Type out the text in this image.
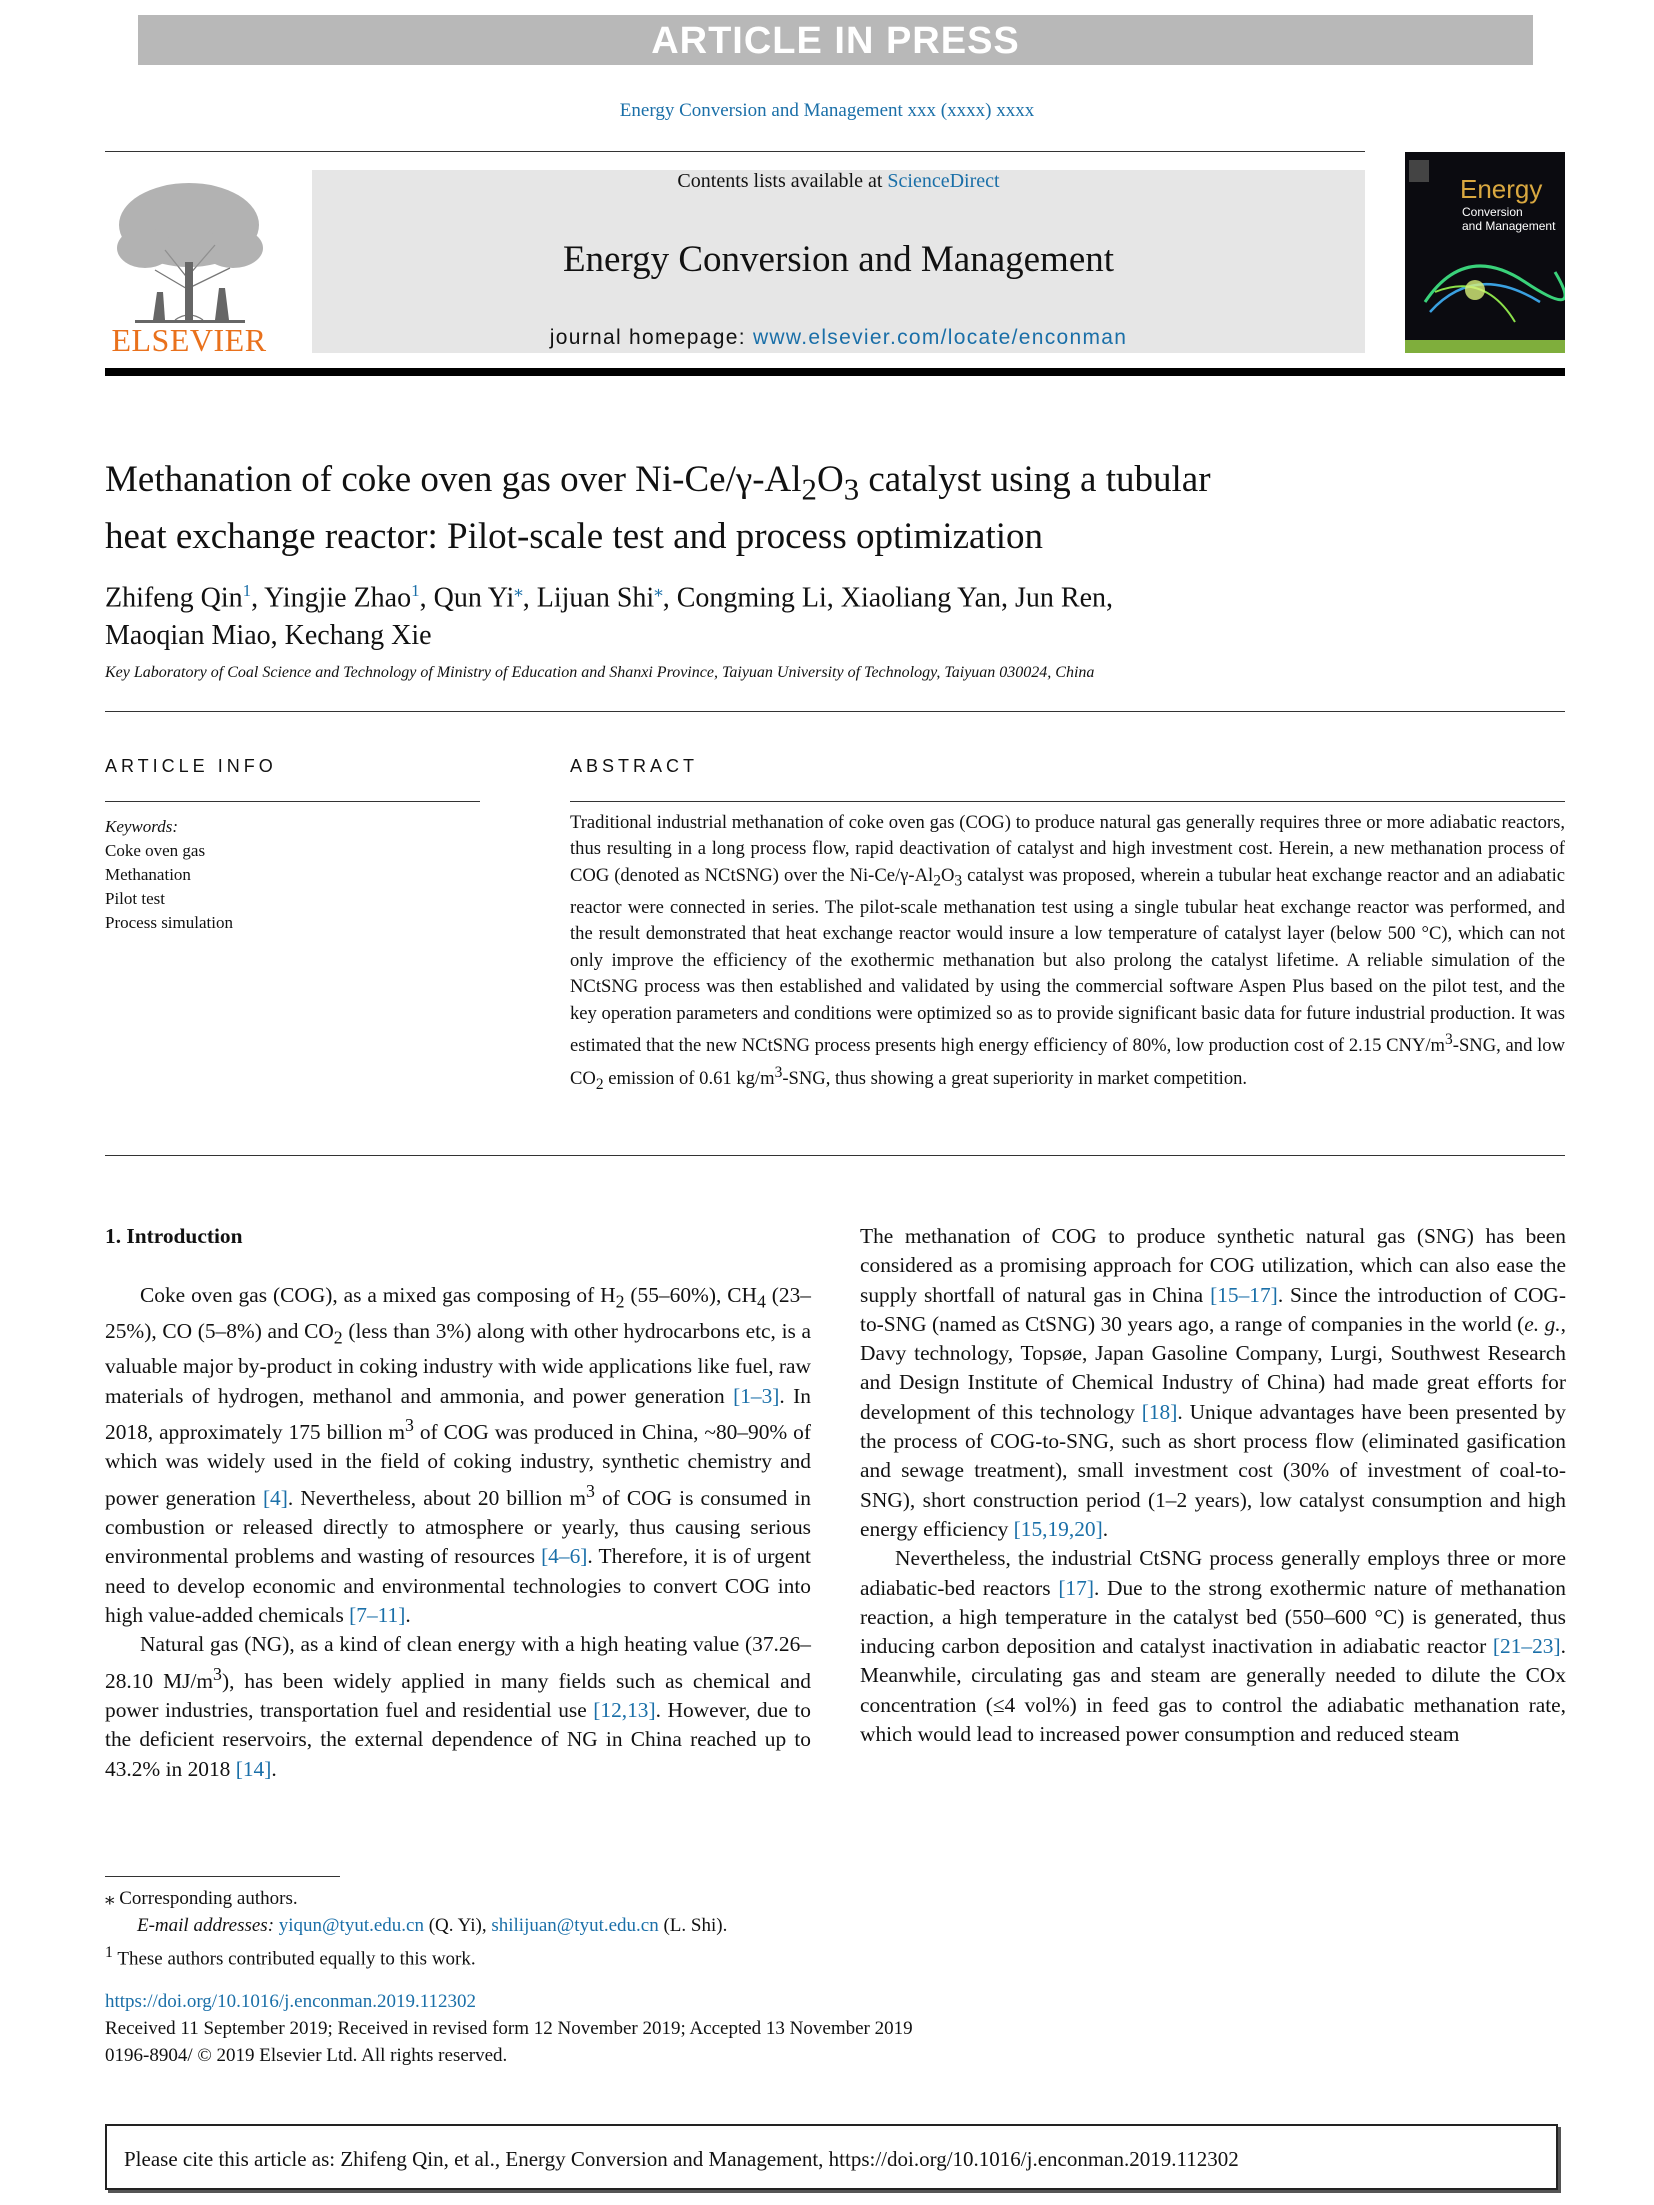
ARTICLE IN PRESS
Energy Conversion and Management xxx (xxxx) xxxx
ELSEVIER
Contents lists available at ScienceDirect
Energy Conversion and Management
journal homepage: www.elsevier.com/locate/enconman
Energy
Conversion
and Management
Methanation of coke oven gas over $Ni-Ce/\gamma-Al_2O_3$ catalyst using a tubular
heat exchange reactor: Pilot-scale test and process optimization
Zhifeng Qin$^1$, Yingjie Zhao$^1$, Qun Yi⁎, Lijuan Shi⁎, Congming Li, Xiaoliang Yan, Jun Ren,
Maoqian Miao, Kechang Xie
Key Laboratory of Coal Science and Technology of Ministry of Education and Shanxi Province, Taiyuan University of Technology, Taiyuan 030024, China
ARTICLE INFO	ABSTRACT
Keywords:
Coke oven gas
Methanation
Pilot test
Process simulation
Traditional industrial methanation of coke oven gas (COG) to produce natural gas generally requires three or more adiabatic reactors, thus resulting in a long process flow, rapid deactivation of catalyst and high investment cost. Herein, a new methanation process of COG (denoted as NCtSNG) over the $Ni-Ce/\gamma-Al_2O_3$ catalyst was proposed, wherein a tubular heat exchange reactor and an adiabatic reactor were connected in series. The pilot-scale methanation test using a single tubular heat exchange reactor was performed, and the result demonstrated that heat exchange reactor would insure a low temperature of catalyst layer (below 500 °C), which can not only improve the efficiency of the exothermic methanation but also prolong the catalyst lifetime. A reliable simulation of the NCtSNG process was then established and validated by using the commercial software Aspen Plus based on the pilot test, and the key operation parameters and conditions were optimized so as to provide significant basic data for future industrial production. It was estimated that the new NCtSNG process presents high energy efficiency of 80%, low production cost of 2.15 CNY/$m^3$-SNG, and low $CO_2$ emission of 0.61 $kg/m^3$-SNG, thus showing a great superiority in market competition.

1. Introduction

Coke oven gas (COG), as a mixed gas composing of $H_2$ (55–60%), $CH_4$ (23–25%), CO (5–8%) and $CO_2$ (less than 3%) along with other hydrocarbons etc, is a valuable major by-product in coking industry with wide applications like fuel, raw materials of hydrogen, methanol and ammonia, and power generation [1–3]. In 2018, approximately 175 billion $m^3$ of COG was produced in China, ~80–90% of which was widely used in the field of coking industry, synthetic chemistry and power generation [4]. Nevertheless, about 20 billion $m^3$ of COG is consumed in combustion or released directly to atmosphere or yearly, thus causing serious environmental problems and wasting of resources [4–6]. Therefore, it is of urgent need to develop economic and environmental technologies to convert COG into high value-added chemicals [7–11].

Natural gas (NG), as a kind of clean energy with a high heating value (37.26–28.10 $MJ/m^3$), has been widely applied in many fields such as chemical and power industries, transportation fuel and residential use [12,13]. However, due to the deficient reservoirs, the external dependence of NG in China reached up to 43.2% in 2018 [14].

The methanation of COG to produce synthetic natural gas (SNG) has been considered as a promising approach for COG utilization, which can also ease the supply shortfall of natural gas in China [15–17]. Since the introduction of COG-to-SNG (named as CtSNG) 30 years ago, a range of companies in the world (e. g., Davy technology, Topsøe, Japan Gasoline Company, Lurgi, Southwest Research and Design Institute of Chemical Industry of China) had made great efforts for development of this technology [18]. Unique advantages have been presented by the process of COG-to-SNG, such as short process flow (eliminated gasification and sewage treatment), small investment cost (30% of investment of coal-to-SNG), short construction period (1–2 years), low catalyst consumption and high energy efficiency [15,19,20].

Nevertheless, the industrial CtSNG process generally employs three or more adiabatic-bed reactors [17]. Due to the strong exothermic nature of methanation reaction, a high temperature in the catalyst bed (550–600 °C) is generated, thus inducing carbon deposition and catalyst inactivation in adiabatic reactor [21–23]. Meanwhile, circulating gas and steam are generally needed to dilute the COx concentration (≤4 vol%) in feed gas to control the adiabatic methanation rate, which would lead to increased power consumption and reduced steam

⁎ Corresponding authors.
E-mail addresses: yiqun@tyut.edu.cn (Q. Yi), shilijuan@tyut.edu.cn (L. Shi).
$^1$ These authors contributed equally to this work.
https://doi.org/10.1016/j.enconman.2019.112302
Received 11 September 2019; Received in revised form 12 November 2019; Accepted 13 November 2019
0196-8904/ © 2019 Elsevier Ltd. All rights reserved.
Please cite this article as: Zhifeng Qin, et al., Energy Conversion and Management, https://doi.org/10.1016/j.enconman.2019.112302
